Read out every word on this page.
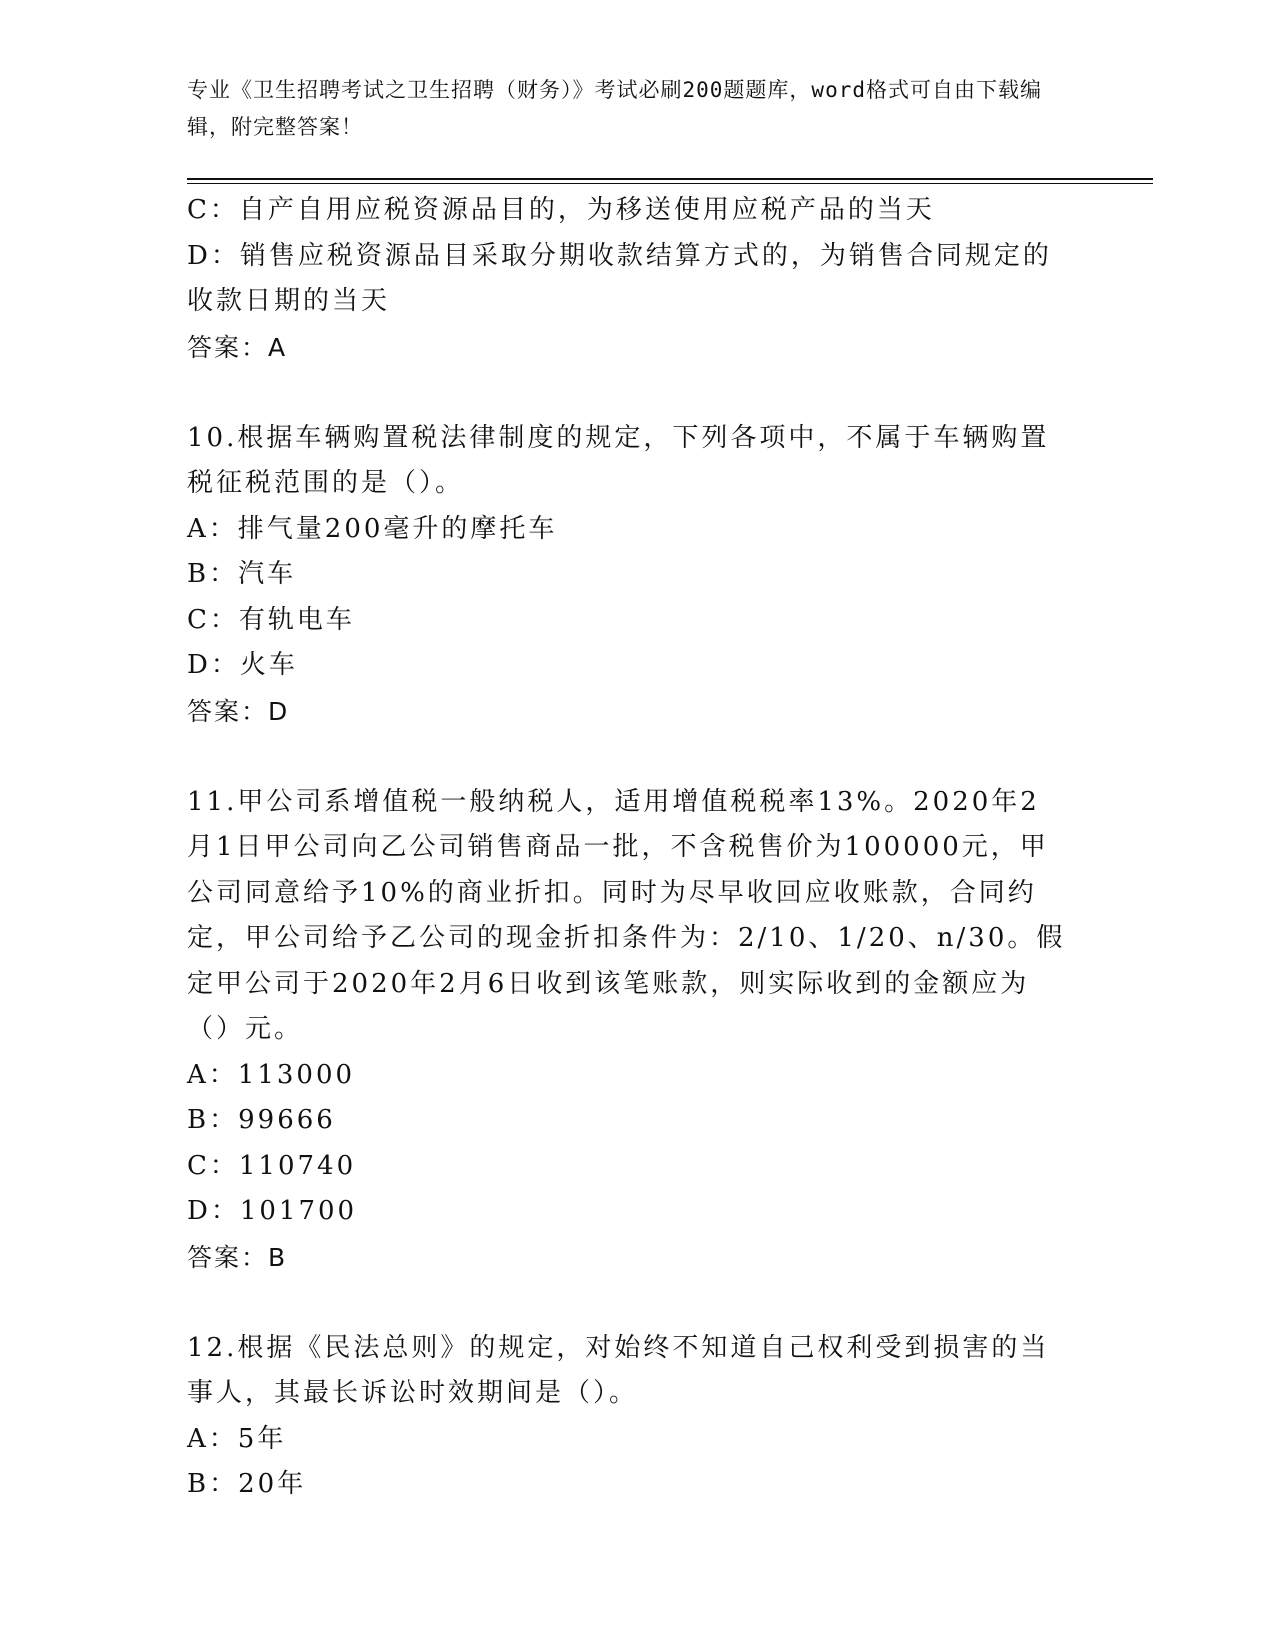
专业《卫生招聘考试之卫生招聘（财务）》考试必刷200题题库，word格式可自由下载编辑，附完整答案！
C：自产自用应税资源品目的，为移送使用应税产品的当天
D：销售应税资源品目采取分期收款结算方式的，为销售合同规定的收款日期的当天
答案：A
10.根据车辆购置税法律制度的规定，下列各项中，不属于车辆购置税征税范围的是（）。
A：排气量200毫升的摩托车
B：汽车
C：有轨电车
D：火车
答案：D
11.甲公司系增值税一般纳税人，适用增值税税率13%。2020年2月1日甲公司向乙公司销售商品一批，不含税售价为100000元，甲公司同意给予10%的商业折扣。同时为尽早收回应收账款，合同约定，甲公司给予乙公司的现金折扣条件为：2/10、1/20、n/30。假定甲公司于2020年2月6日收到该笔账款，则实际收到的金额应为（）元。
A：113000
B：99666
C：110740
D：101700
答案：B
12.根据《民法总则》的规定，对始终不知道自己权利受到损害的当事人，其最长诉讼时效期间是（）。
A：5年
B：20年
